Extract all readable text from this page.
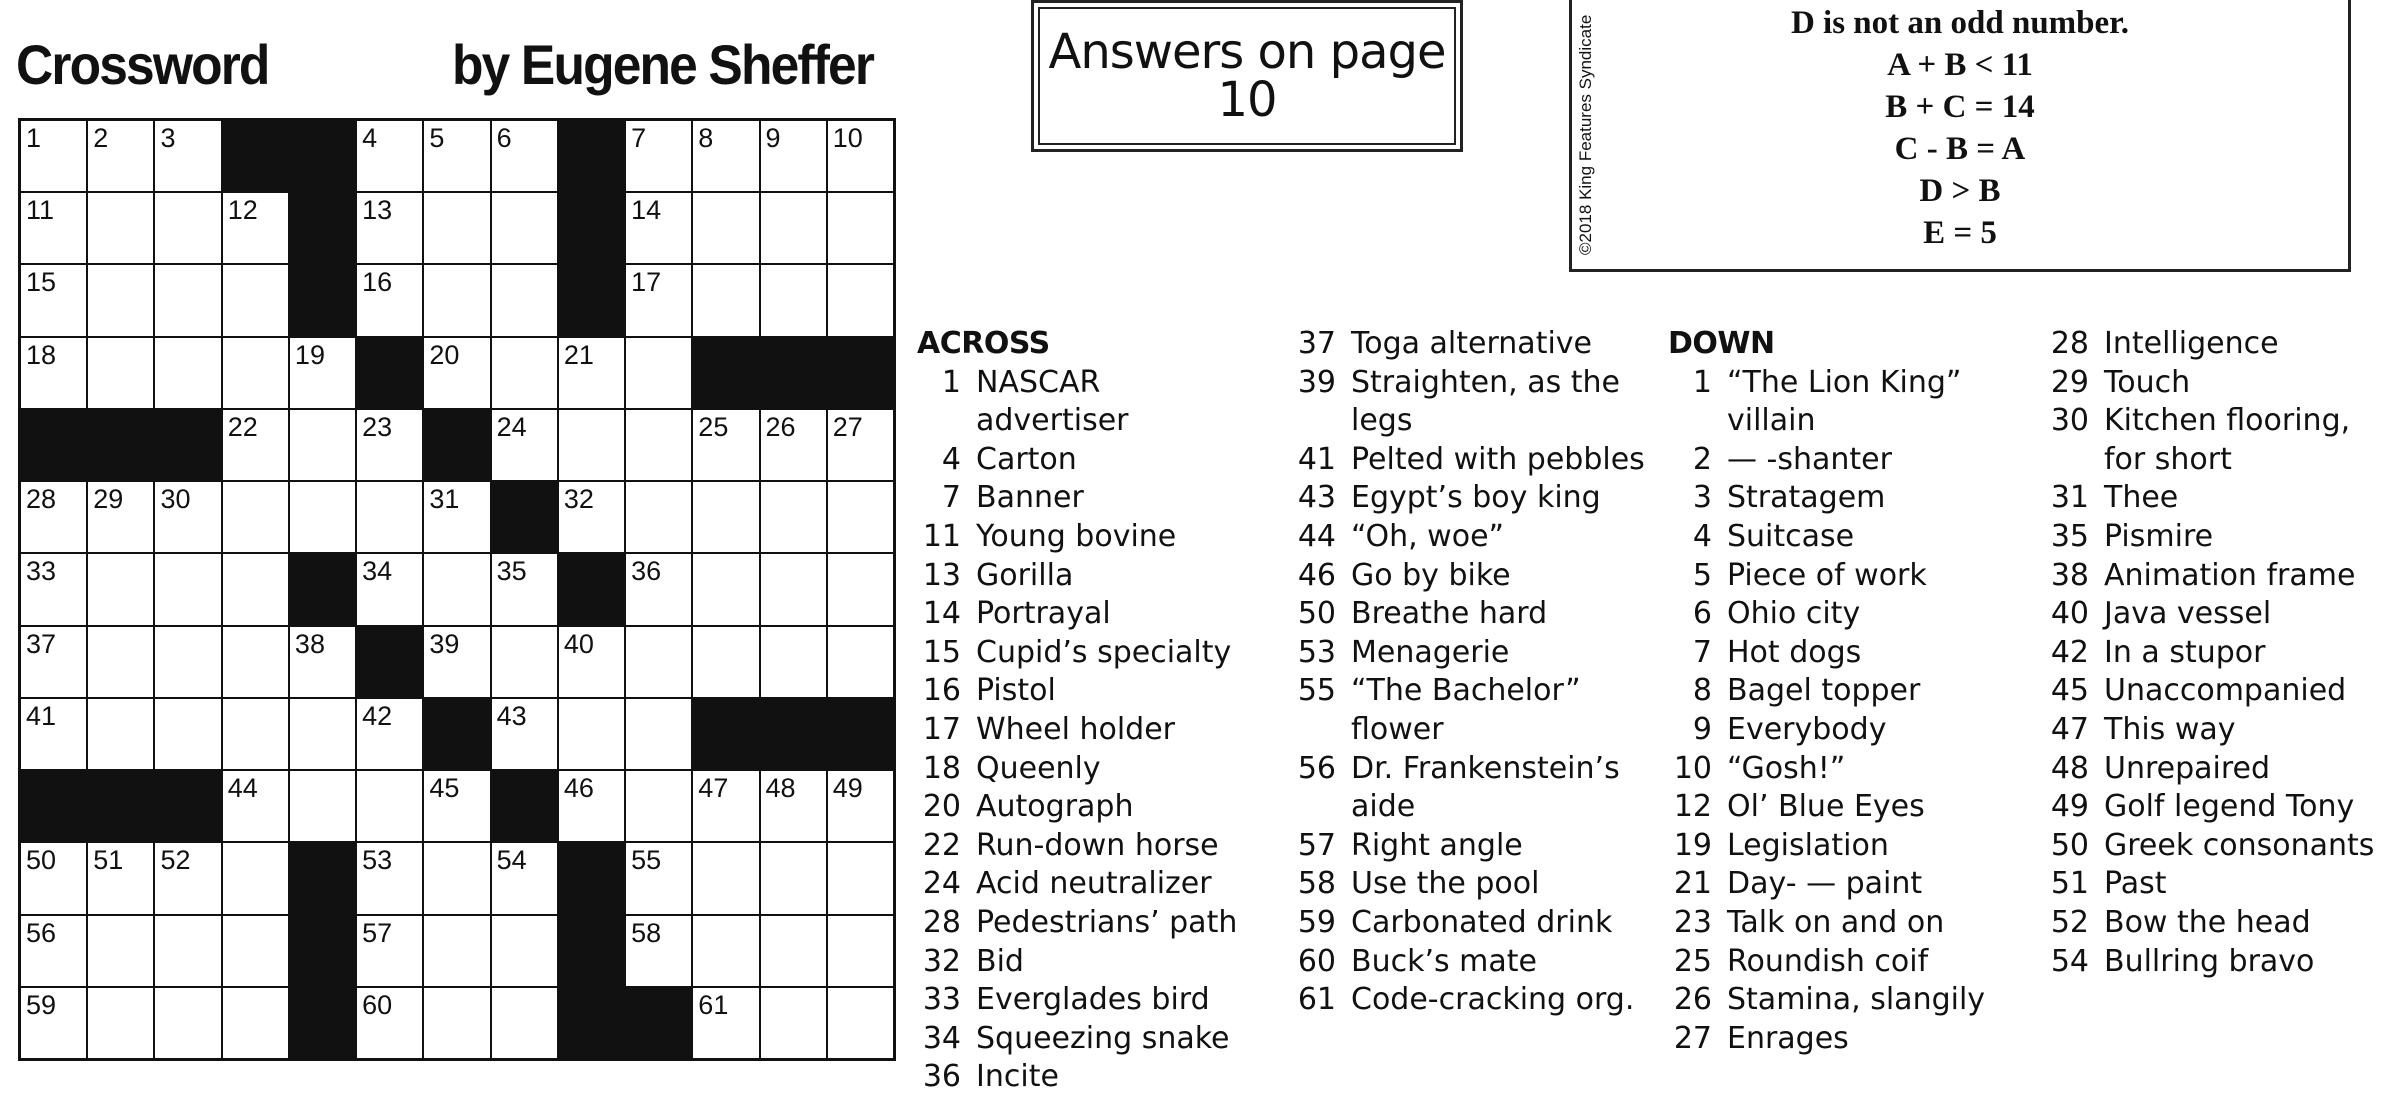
Crossword	by Eugene Sheffer
1 2 3	4 5 6	7 8 9 10
11	12	13	14
15	16	17
18	19	20	21
22	23	24	25 26 27
28 29 30	31	32
33	34	35	36
37	38	39	40
41	42	43
44	45	46	47 48 49
50 51 52	53	54	55
56	57	58
59	60	61
Answers on page
10	©2018 King Features Syndicate	D is not an odd number.
A + B < 11
B + C = 14
C - B = A
D > B
E = 5
ACROSS
1 NASCAR advertiser
4 Carton
7 Banner
11 Young bovine
13 Gorilla
14 Portrayal
15 Cupid’s specialty
16 Pistol
17 Wheel holder
18 Queenly
20 Autograph
22 Run-down horse
24 Acid neutralizer
28 Pedestrians’ path
32 Bid
33 Everglades bird
34 Squeezing snake
36 Incite
37 Toga alternative
39 Straighten, as the legs
41 Pelted with pebbles
43 Egypt’s boy king
44 “Oh, woe”
46 Go by bike
50 Breathe hard
53 Menagerie
55 “The Bachelor” flower
56 Dr. Frankenstein’s aide
57 Right angle
58 Use the pool
59 Carbonated drink
60 Buck’s mate
61 Code-cracking org.
DOWN
1 “The Lion King” villain
2 — -shanter
3 Stratagem
4 Suitcase
5 Piece of work
6 Ohio city
7 Hot dogs
8 Bagel topper
9 Everybody
10 “Gosh!”
12 Ol’ Blue Eyes
19 Legislation
21 Day- — paint
23 Talk on and on
25 Roundish coif
26 Stamina, slangily
27 Enrages
28 Intelligence
29 Touch
30 Kitchen flooring, for short
31 Thee
35 Pismire
38 Animation frame
40 Java vessel
42 In a stupor
45 Unaccompanied
47 This way
48 Unrepaired
49 Golf legend Tony
50 Greek consonants
51 Past
52 Bow the head
54 Bullring bravo
